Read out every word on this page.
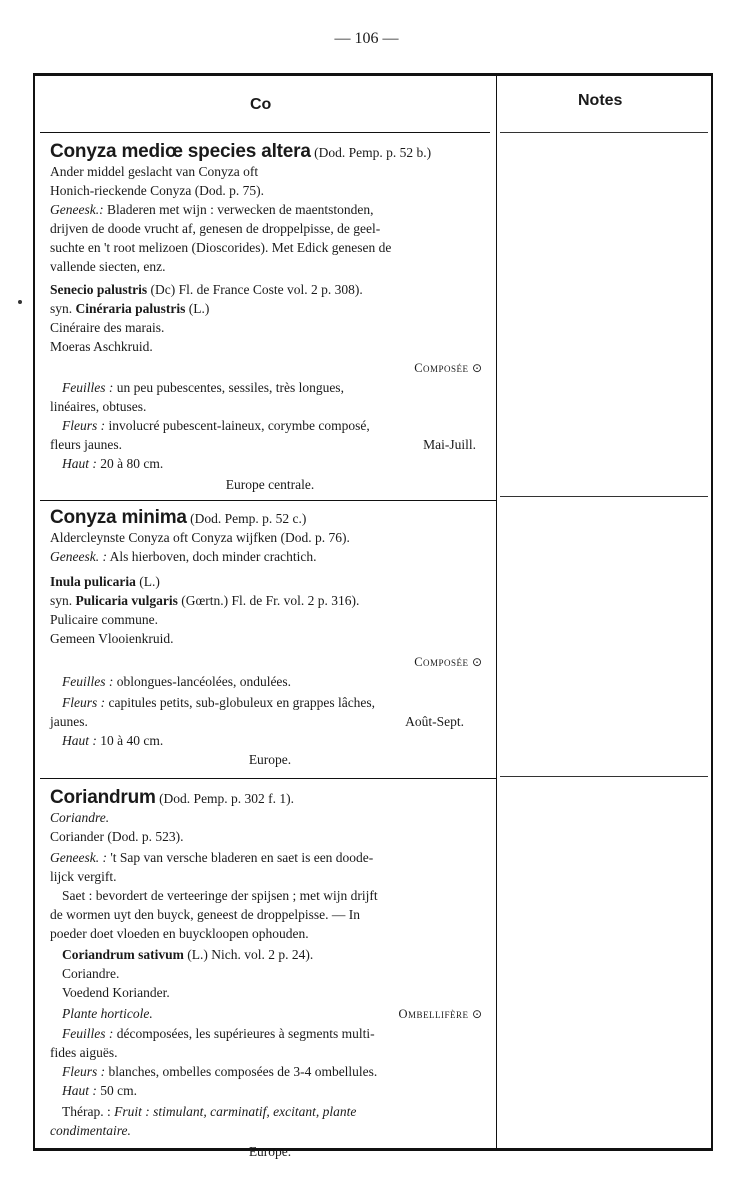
— 106 —
Co	Notes
Conyza mediœ species altera (Dod. Pemp. p. 52 b.)
Ander middel geslacht van Conyza oft
Honich-rieckende Conyza (Dod. p. 75).
Geneesk.: Bladeren met wijn : verwecken de maentstonden,
drijven de doode vrucht af, genesen de droppelpisse, de geel-
suchte en 't root melizoen (Dioscorides). Met Edick genesen de
vallende siecten, enz.
Senecio palustris (Dc) Fl. de France Coste vol. 2 p. 308).
syn. Cinéraria palustris (L.)
Cinéraire des marais.
Moeras Aschkruid.
Composée ⊙
Feuilles : un peu pubescentes, sessiles, très longues,
linéaires, obtuses.
Fleurs : involucré pubescent-laineux, corymbe composé,
fleurs jaunes.	Mai-Juill.
Haut : 20 à 80 cm.
Europe centrale.
Conyza minima (Dod. Pemp. p. 52 c.)
Aldercleynste Conyza oft Conyza wijfken (Dod. p. 76).
Geneesk. : Als hierboven, doch minder crachtich.
Inula pulicaria (L.)
syn. Pulicaria vulgaris (Gœrtn.) Fl. de Fr. vol. 2 p. 316).
Pulicaire commune.
Gemeen Vlooienkruid.
Composée ⊙
Feuilles : oblongues-lancéolées, ondulées.
Fleurs : capitules petits, sub-globuleux en grappes lâches,
jaunes.	Août-Sept.
Haut : 10 à 40 cm.
Europe.
Coriandrum (Dod. Pemp. p. 302 f. 1).
Coriandre.
Coriander (Dod. p. 523).
Geneesk. : 't Sap van versche bladeren en saet is een doode-
lijck vergift.
Saet : bevordert de verteeringe der spijsen ; met wijn drijft
de wormen uyt den buyck, geneest de droppelpisse. — In
poeder doet vloeden en buyckloopen ophouden.
Coriandrum sativum (L.) Nich. vol. 2 p. 24).
Coriandre.
Voedend Koriander.
Plante horticole.	Ombellifère ⊙
Feuilles : décomposées, les supérieures à segments multi-
fides aiguës.
Fleurs : blanches, ombelles composées de 3-4 ombellules.
Haut : 50 cm.
Thérap. : Fruit : stimulant, carminatif, excitant, plante
condimentaire.
Europe.
